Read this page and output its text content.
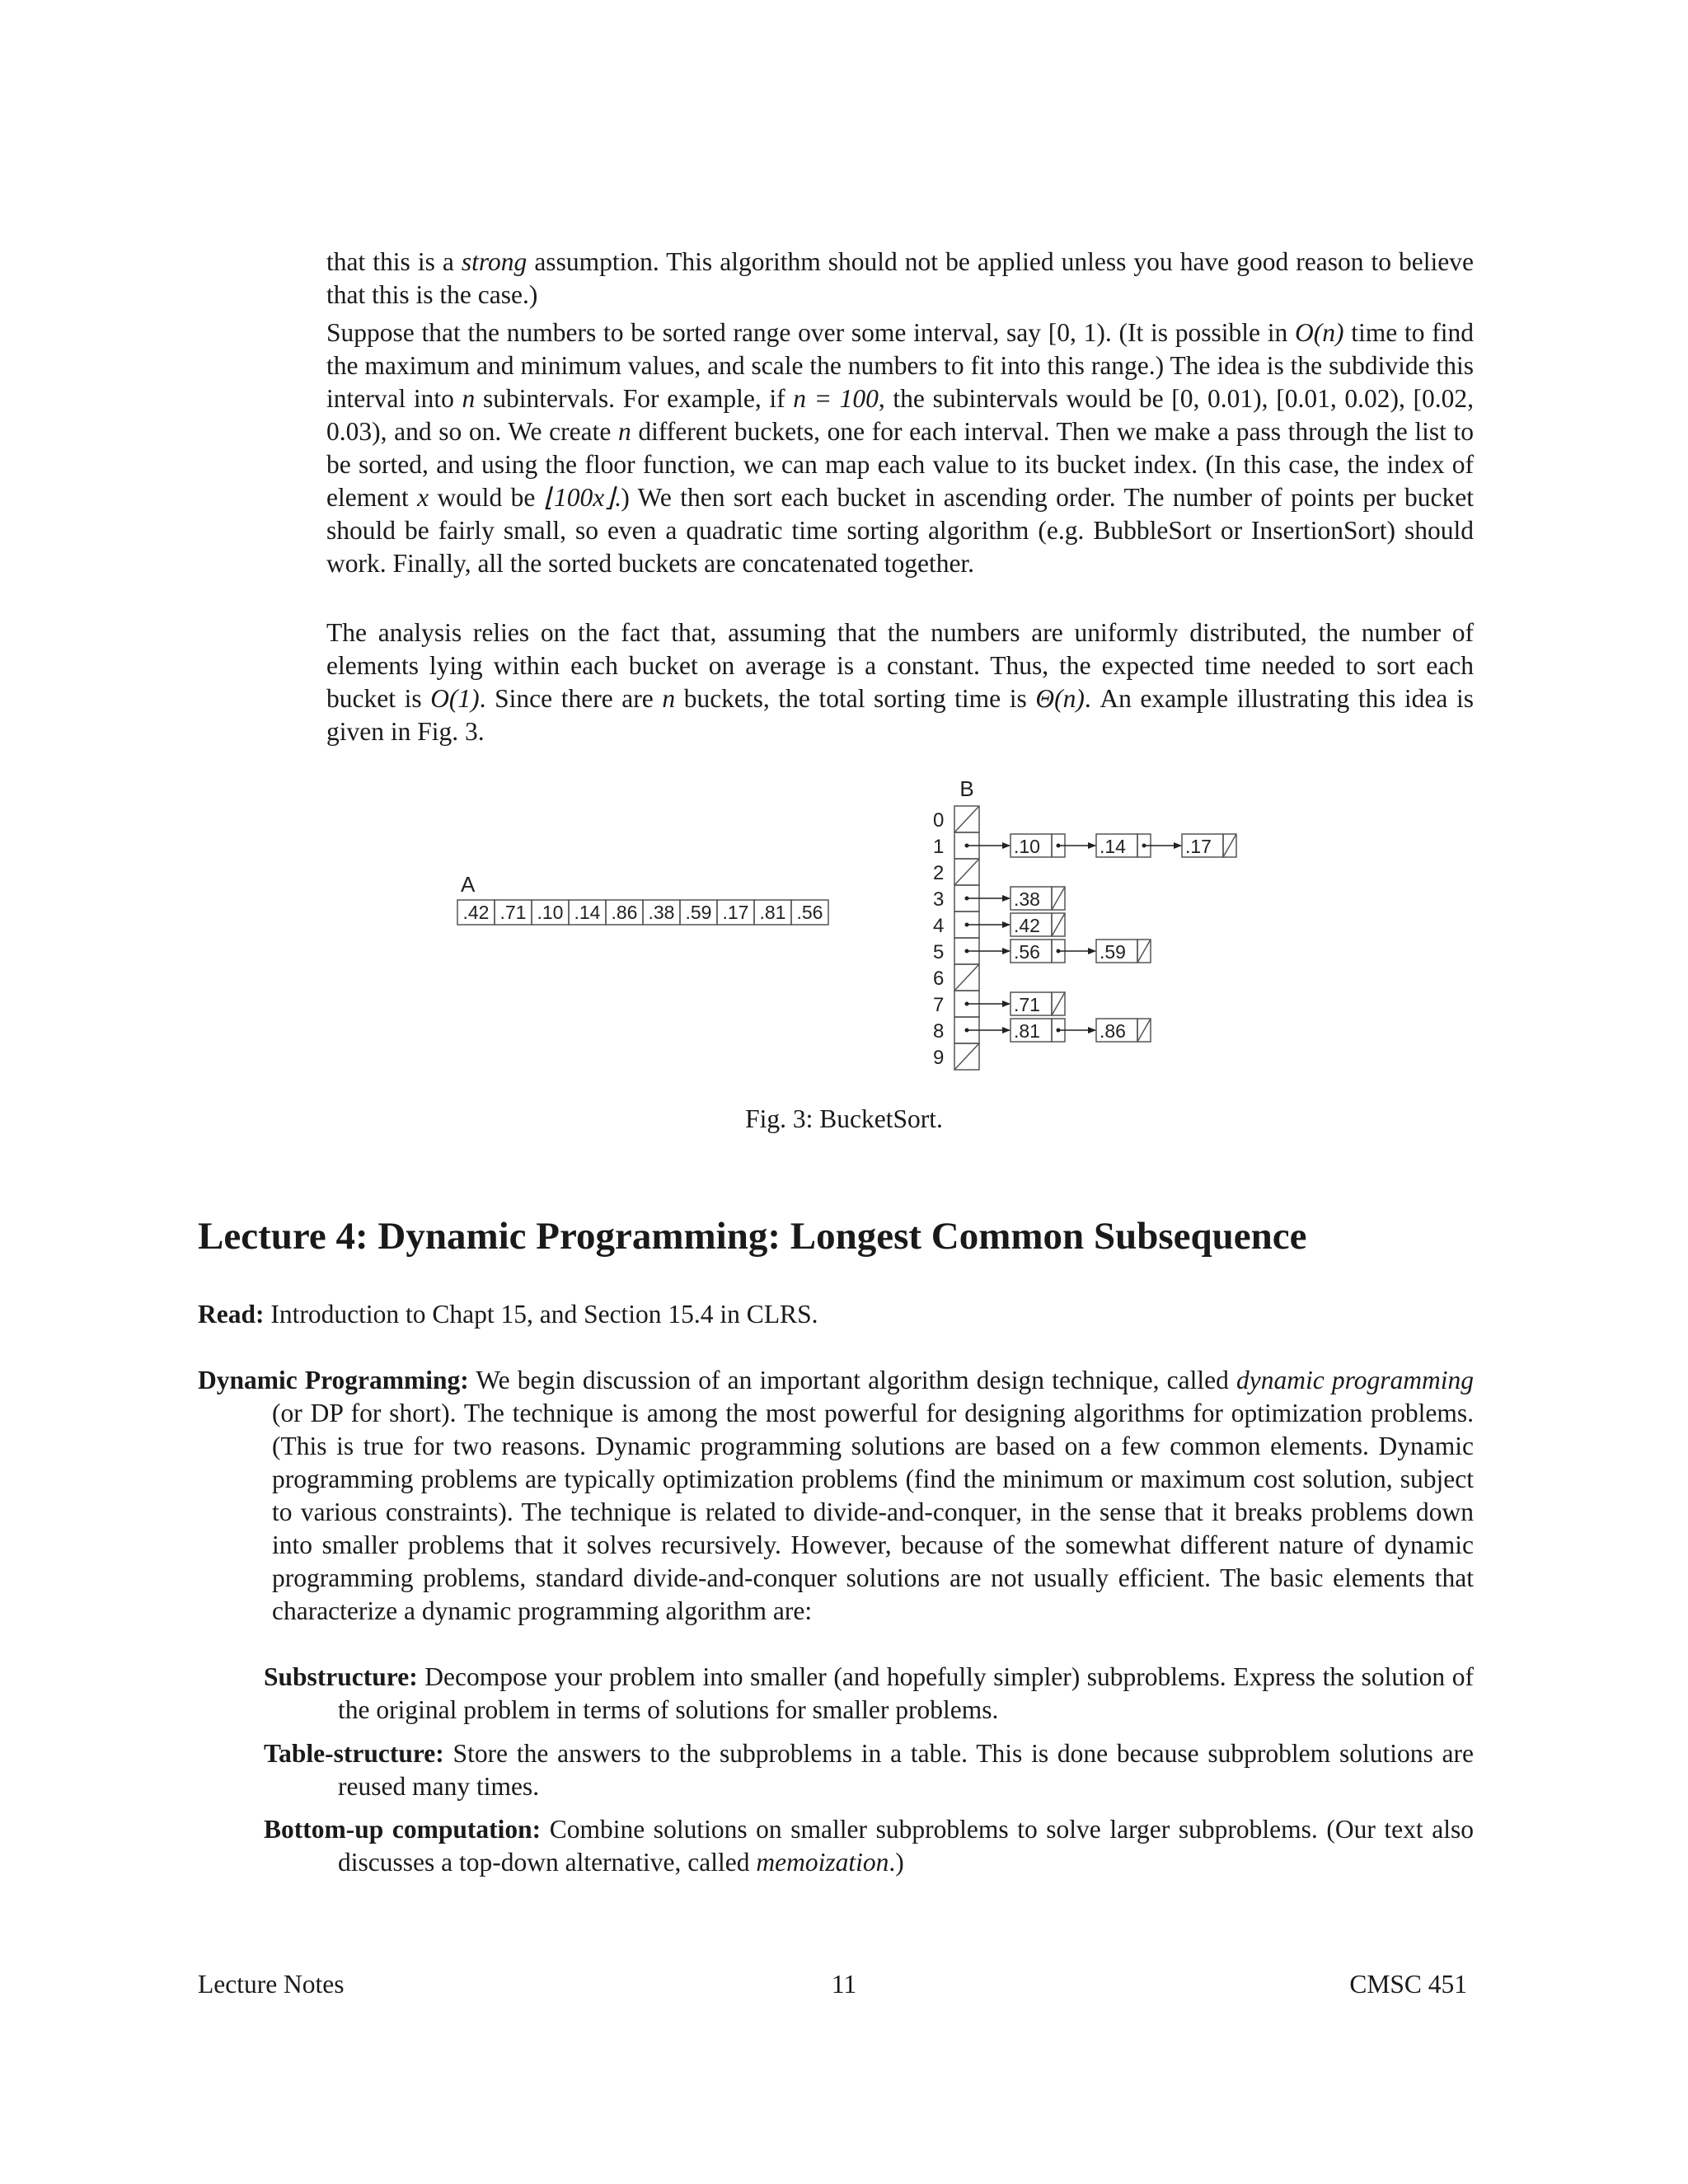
that this is a strong assumption. This algorithm should not be applied unless you have good reason to believe that this is the case.)

Suppose that the numbers to be sorted range over some interval, say [0, 1). (It is possible in O(n) time to find the maximum and minimum values, and scale the numbers to fit into this range.) The idea is the subdivide this interval into n subintervals. For example, if n = 100, the subintervals would be [0, 0.01), [0.01, 0.02), [0.02, 0.03), and so on. We create n different buckets, one for each interval. Then we make a pass through the list to be sorted, and using the floor function, we can map each value to its bucket index. (In this case, the index of element x would be ⌊100x⌋.) We then sort each bucket in ascending order. The number of points per bucket should be fairly small, so even a quadratic time sorting algorithm (e.g. BubbleSort or InsertionSort) should work. Finally, all the sorted buckets are concatenated together.

The analysis relies on the fact that, assuming that the numbers are uniformly distributed, the number of elements lying within each bucket on average is a constant. Thus, the expected time needed to sort each bucket is O(1). Since there are n buckets, the total sorting time is Θ(n). An example illustrating this idea is given in Fig. 3.

A
.42 .71 .10 .14 .86 .38 .59 .17 .81 .56
B
0
1	.10	.14	.17
2
3	.38
4	.42
5	.56	.59
6
7	.71
8	.81	.86
9

Fig. 3: BucketSort.

Lecture 4: Dynamic Programming: Longest Common Subsequence

Read: Introduction to Chapt 15, and Section 15.4 in CLRS.

Dynamic Programming: We begin discussion of an important algorithm design technique, called dynamic programming (or DP for short). The technique is among the most powerful for designing algorithms for optimization problems. (This is true for two reasons. Dynamic programming solutions are based on a few common elements. Dynamic programming problems are typically optimization problems (find the minimum or maximum cost solution, subject to various constraints). The technique is related to divide-and-conquer, in the sense that it breaks problems down into smaller problems that it solves recursively. However, because of the somewhat different nature of dynamic programming problems, standard divide-and-conquer solutions are not usually efficient. The basic elements that characterize a dynamic programming algorithm are:

Substructure: Decompose your problem into smaller (and hopefully simpler) subproblems. Express the solution of the original problem in terms of solutions for smaller problems.

Table-structure: Store the answers to the subproblems in a table. This is done because subproblem solutions are reused many times.

Bottom-up computation: Combine solutions on smaller subproblems to solve larger subproblems. (Our text also discusses a top-down alternative, called memoization.)

Lecture Notes	11	CMSC 451
